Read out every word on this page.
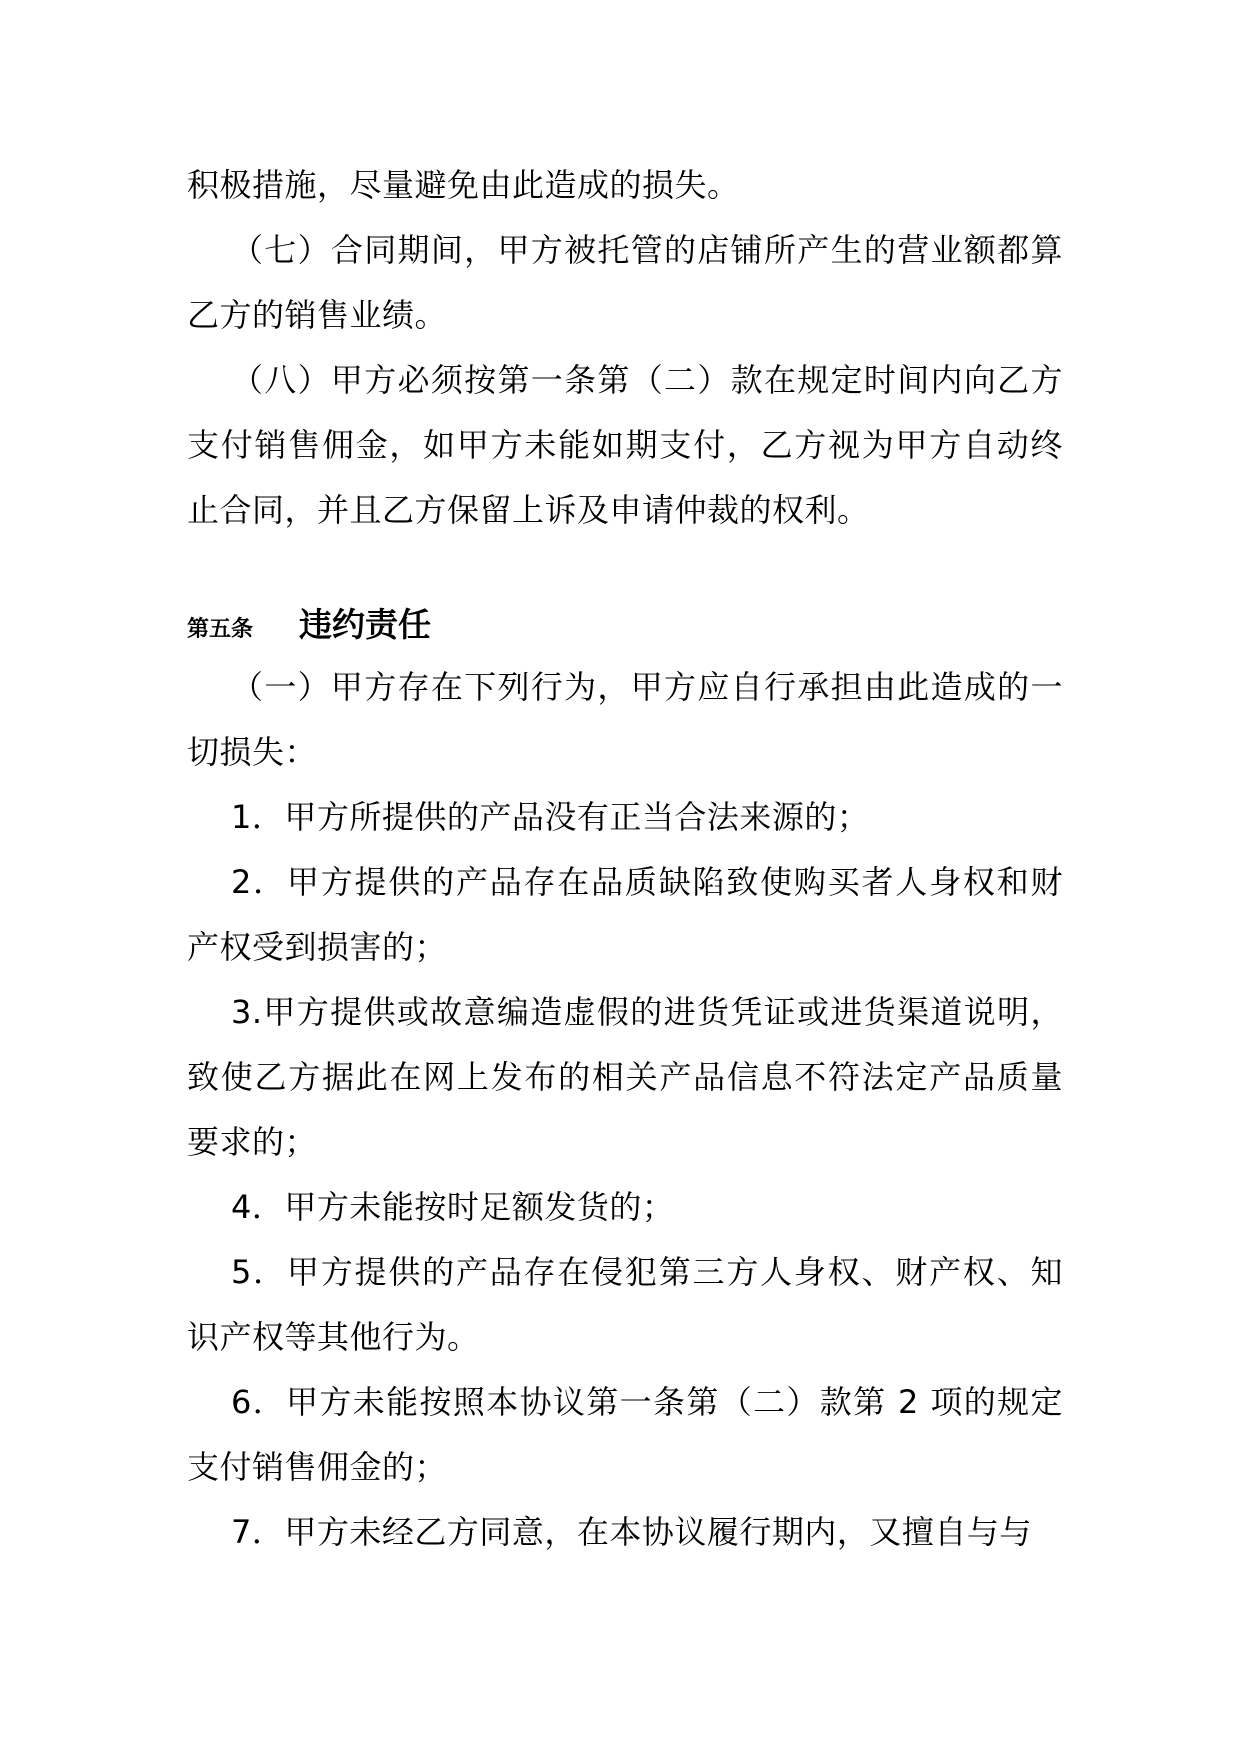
积极措施，尽量避免由此造成的损失。

（七）合同期间，甲方被托管的店铺所产生的营业额都算乙方的销售业绩。

（八）甲方必须按第一条第（二）款在规定时间内向乙方支付销售佣金，如甲方未能如期支付，乙方视为甲方自动终止合同，并且乙方保留上诉及申请仲裁的权利。

第五条	违约责任

（一）甲方存在下列行为，甲方应自行承担由此造成的一切损失：

1．甲方所提供的产品没有正当合法来源的；

2．甲方提供的产品存在品质缺陷致使购买者人身权和财产权受到损害的；

3.甲方提供或故意编造虚假的进货凭证或进货渠道说明，致使乙方据此在网上发布的相关产品信息不符法定产品质量要求的；

4．甲方未能按时足额发货的；

5．甲方提供的产品存在侵犯第三方人身权、财产权、知识产权等其他行为。

6．甲方未能按照本协议第一条第（二）款第 2 项的规定支付销售佣金的；

7．甲方未经乙方同意，在本协议履行期内，又擅自与与
